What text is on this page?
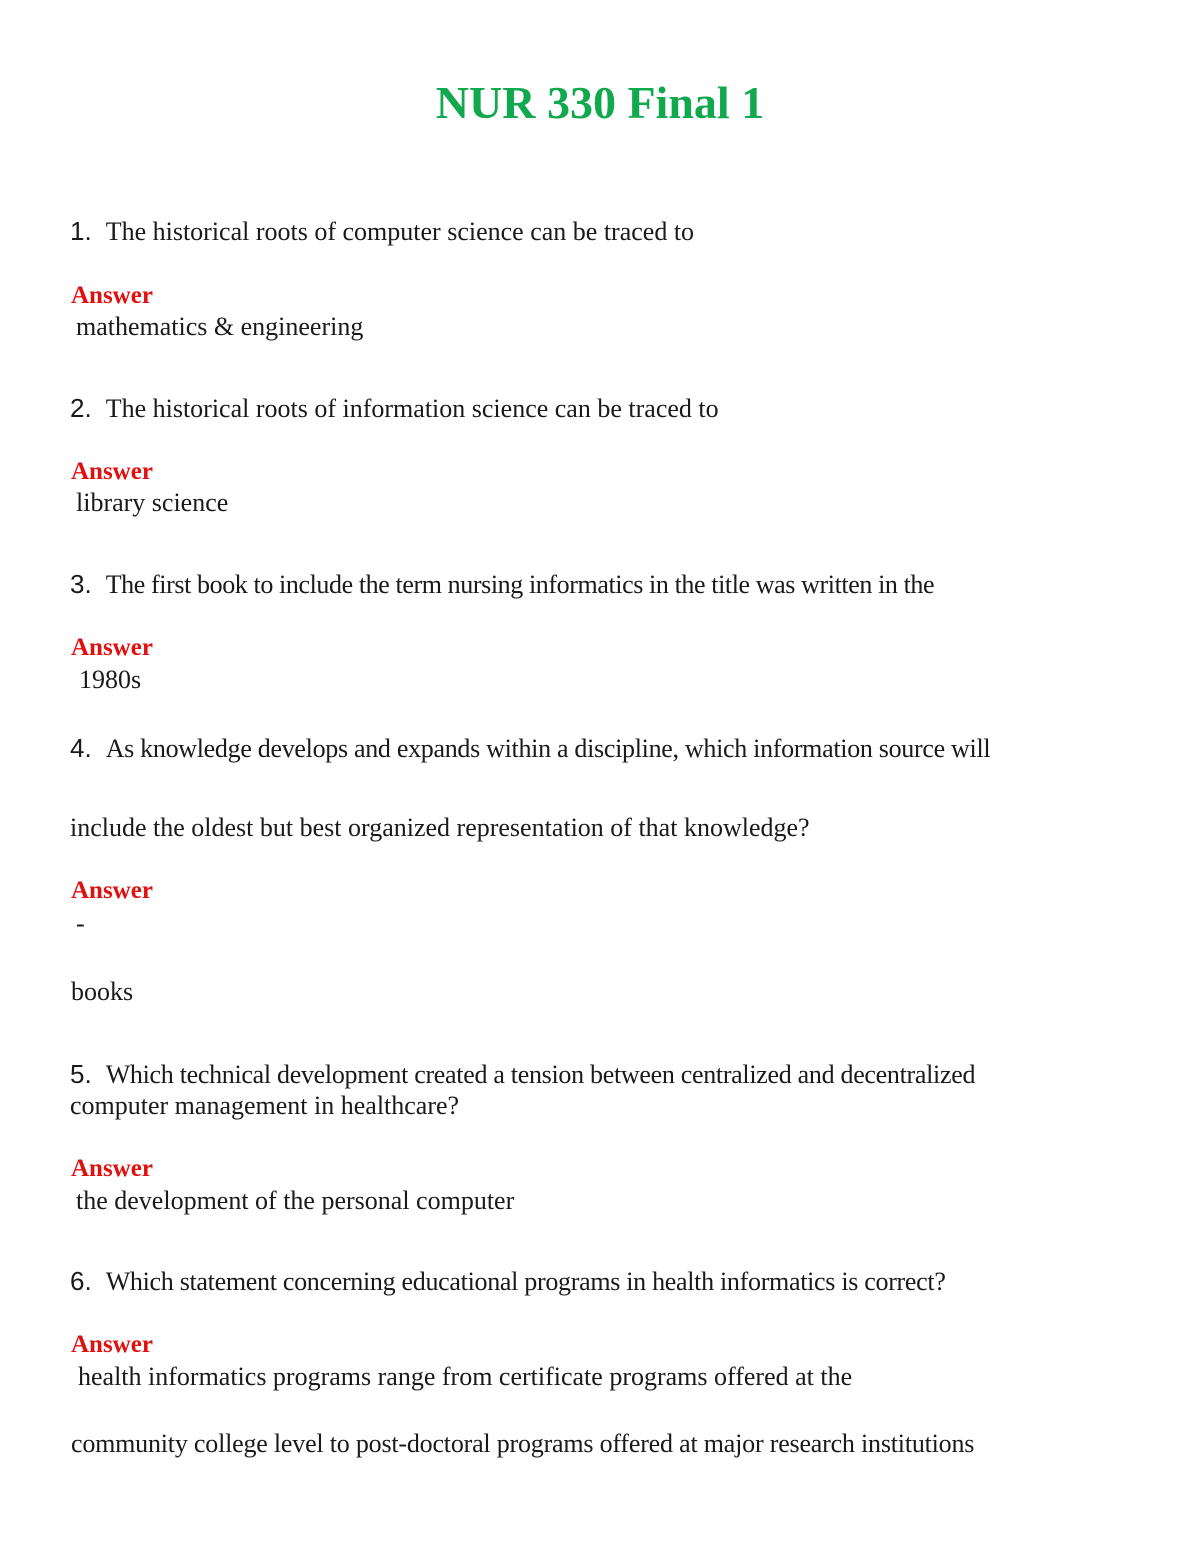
NUR 330 Final 1
1. The historical roots of computer science can be traced to
Answer
mathematics & engineering
2. The historical roots of information science can be traced to
Answer
library science
3. The first book to include the term nursing informatics in the title was written in the
Answer
1980s
4. As knowledge develops and expands within a discipline, which information source will
include the oldest but best organized representation of that knowledge?
Answer
-
books
5. Which technical development created a tension between centralized and decentralized
computer management in healthcare?
Answer
the development of the personal computer
6. Which statement concerning educational programs in health informatics is correct?
Answer
health informatics programs range from certificate programs offered at the
community college level to post-doctoral programs offered at major research institutions
